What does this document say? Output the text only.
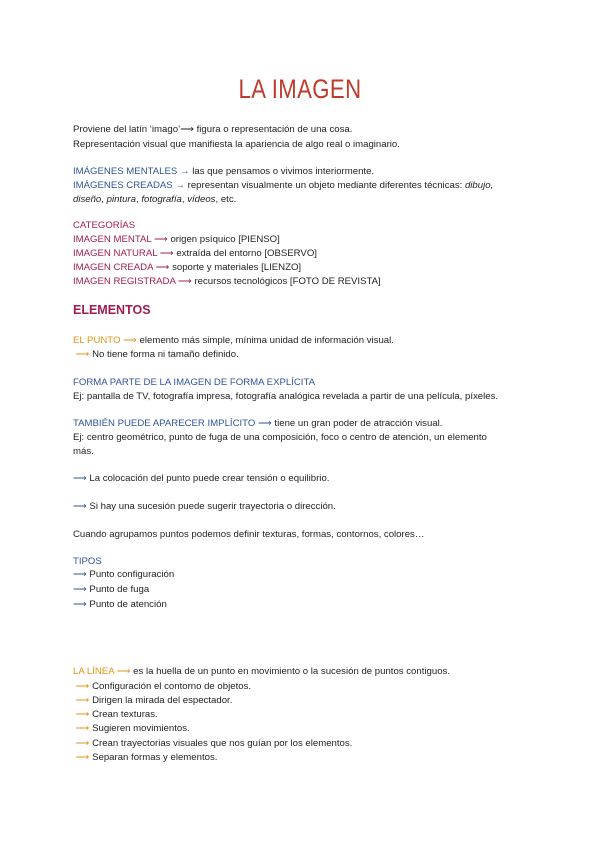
LA IMAGEN
Proviene del latín ‘imago’⟶ figura o representación de una cosa.
Representación visual que manifiesta la apariencia de algo real o imaginario.
IMÁGENES MENTALES → las que pensamos o vivimos interiormente.
IMÁGENES CREADAS → representan visualmente un objeto mediante diferentes técnicas: dibujo,
diseño, pintura, fotografía, vídeos, etc.
CATEGORÍAS
IMAGEN MENTAL ⟶ origen psíquico [PIENSO]
IMAGEN NATURAL ⟶ extraída del entorno [OBSERVO]
IMAGEN CREADA ⟶ soporte y materiales [LIENZO]
IMAGEN REGISTRADA ⟶ recursos tecnológicos [FOTO DE REVISTA]
ELEMENTOS
EL PUNTO ⟶ elemento más simple, mínima unidad de información visual.
⟶ No tiene forma ni tamaño definido.
FORMA PARTE DE LA IMAGEN DE FORMA EXPLÍCITA
Ej: pantalla de TV, fotografía impresa, fotografía analógica revelada a partir de una película, píxeles.
TAMBIÉN PUEDE APARECER IMPLÍCITO ⟶ tiene un gran poder de atracción visual.
Ej: centro geométrico, punto de fuga de una composición, foco o centro de atención, un elemento
más.
⟶ La colocación del punto puede crear tensión o equilibrio.
⟶ Si hay una sucesión puede sugerir trayectoria o dirección.
Cuando agrupamos puntos podemos definir texturas, formas, contornos, colores…
TIPOS
⟶ Punto configuración
⟶ Punto de fuga
⟶ Punto de atención
LA LÍNEA ⟶ es la huella de un punto en movimiento o la sucesión de puntos contiguos.
⟶ Configuración el contorno de objetos.
⟶ Dirigen la mirada del espectador.
⟶ Crean texturas.
⟶ Sugieren movimientos.
⟶ Crean trayectorias visuales que nos guían por los elementos.
⟶ Separan formas y elementos.
